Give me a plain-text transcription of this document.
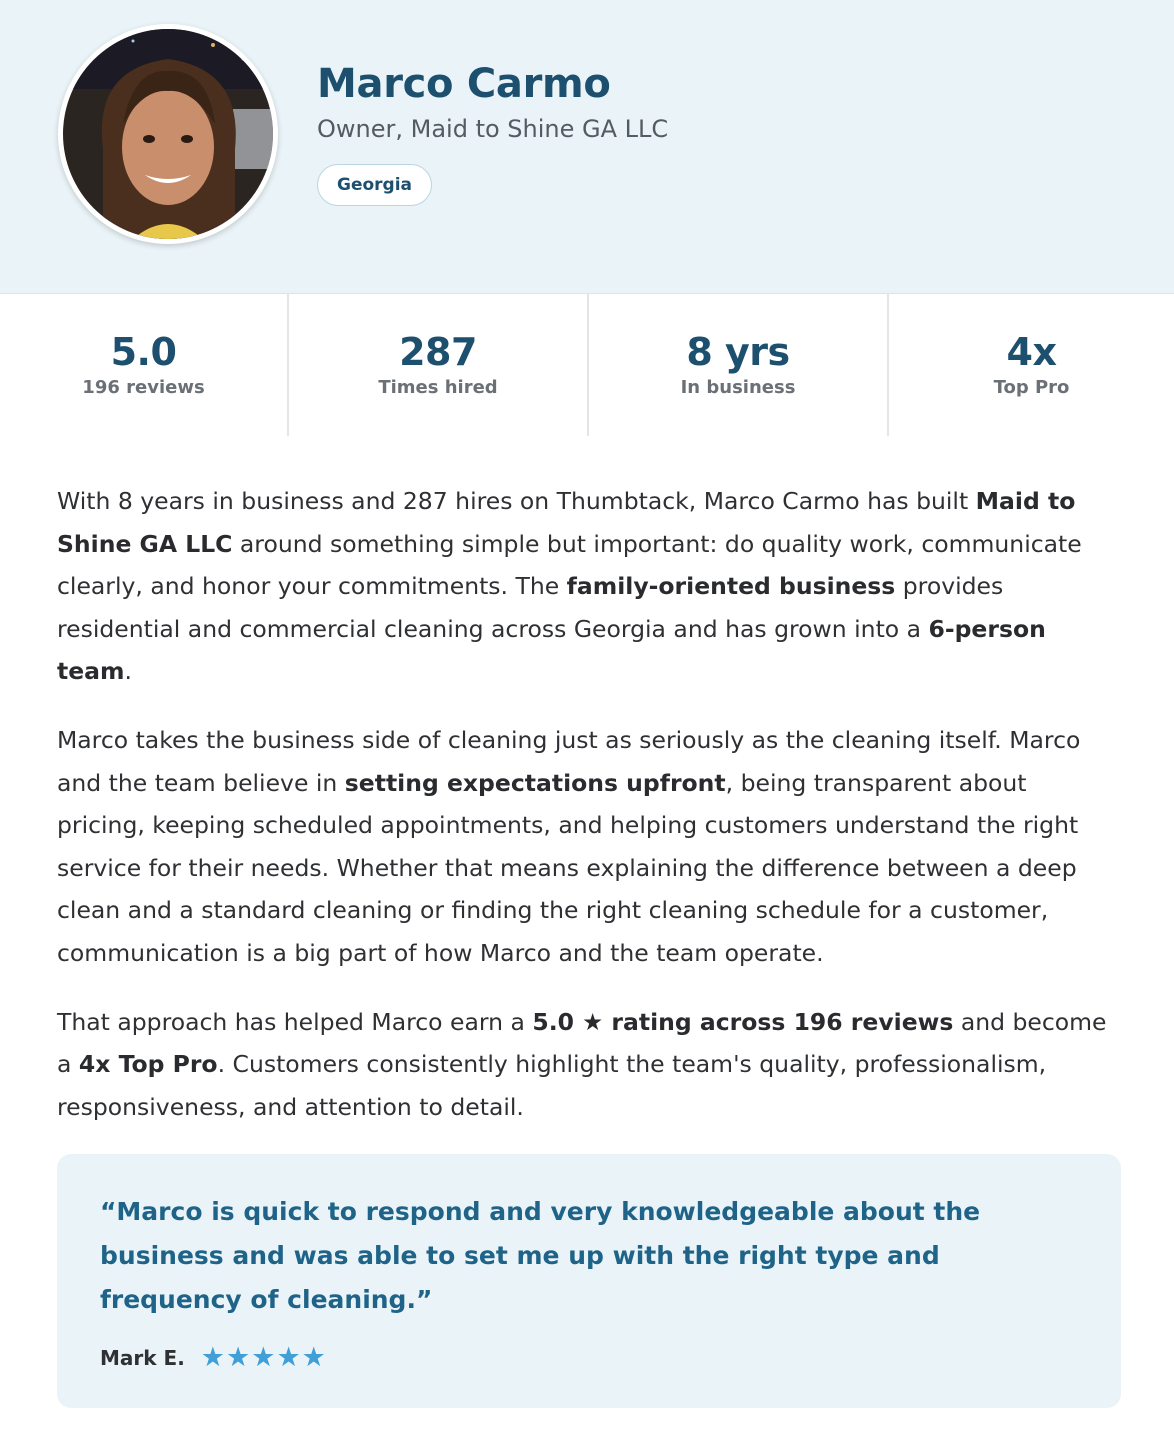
Marco Carmo
Owner, Maid to Shine GA LLC
Georgia
5.0
196 reviews
287
Times hired
8 yrs
In business
4x
Top Pro

With 8 years in business and 287 hires on Thumbtack, Marco Carmo has built Maid to Shine GA LLC around something simple but important: do quality work, communicate clearly, and honor your commitments. The family-oriented business provides residential and commercial cleaning across Georgia and has grown into a 6-person team.

Marco takes the business side of cleaning just as seriously as the cleaning itself. Marco and the team believe in setting expectations upfront, being transparent about pricing, keeping scheduled appointments, and helping customers understand the right service for their needs. Whether that means explaining the difference between a deep clean and a standard cleaning or finding the right cleaning schedule for a customer, communication is a big part of how Marco and the team operate.

That approach has helped Marco earn a 5.0 ★ rating across 196 reviews and become a 4x Top Pro. Customers consistently highlight the team's quality, professionalism, responsiveness, and attention to detail.

“Marco is quick to respond and very knowledgeable about the business and was able to set me up with the right type and frequency of cleaning.”
Mark E. ★ ★ ★ ★ ★
